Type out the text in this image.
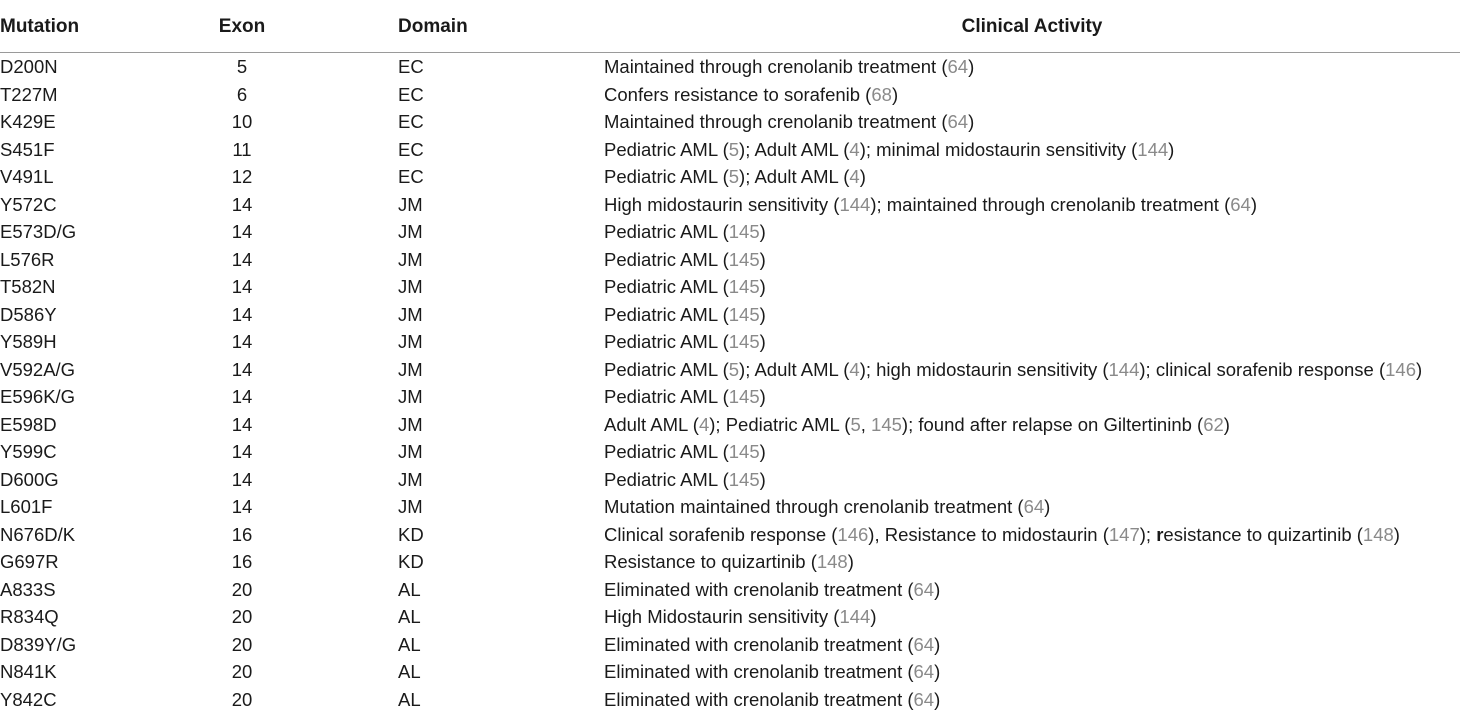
Mutation	Exon	Domain	Clinical Activity
D200N	5	EC	Maintained through crenolanib treatment (64)
T227M	6	EC	Confers resistance to sorafenib (68)
K429E	10	EC	Maintained through crenolanib treatment (64)
S451F	11	EC	Pediatric AML (5); Adult AML (4); minimal midostaurin sensitivity (144)
V491L	12	EC	Pediatric AML (5); Adult AML (4)
Y572C	14	JM	High midostaurin sensitivity (144); maintained through crenolanib treatment (64)
E573D/G	14	JM	Pediatric AML (145)
L576R	14	JM	Pediatric AML (145)
T582N	14	JM	Pediatric AML (145)
D586Y	14	JM	Pediatric AML (145)
Y589H	14	JM	Pediatric AML (145)
V592A/G	14	JM	Pediatric AML (5); Adult AML (4); high midostaurin sensitivity (144); clinical sorafenib response (146)
E596K/G	14	JM	Pediatric AML (145)
E598D	14	JM	Adult AML (4); Pediatric AML (5, 145); found after relapse on Giltertininb (62)
Y599C	14	JM	Pediatric AML (145)
D600G	14	JM	Pediatric AML (145)
L601F	14	JM	Mutation maintained through crenolanib treatment (64)
N676D/K	16	KD	Clinical sorafenib response (146), Resistance to midostaurin (147); resistance to quizartinib (148)
G697R	16	KD	Resistance to quizartinib (148)
A833S	20	AL	Eliminated with crenolanib treatment (64)
R834Q	20	AL	High Midostaurin sensitivity (144)
D839Y/G	20	AL	Eliminated with crenolanib treatment (64)
N841K	20	AL	Eliminated with crenolanib treatment (64)
Y842C	20	AL	Eliminated with crenolanib treatment (64)
